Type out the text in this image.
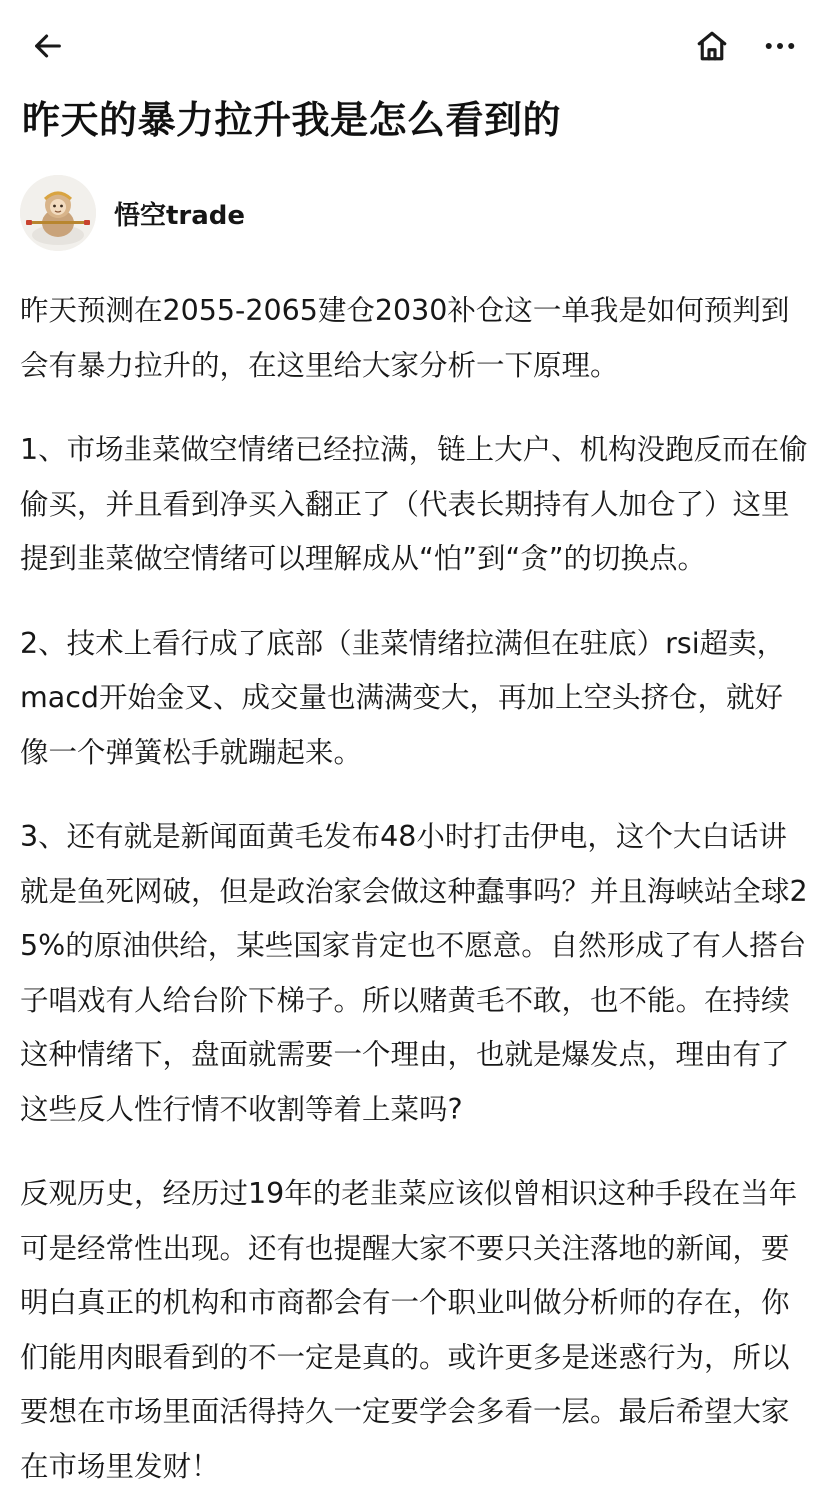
昨天的暴力拉升我是怎么看到的
悟空trade

昨天预测在2055-2065建仓2030补仓这一单我是如何预判到会有暴力拉升的，在这里给大家分析一下原理。

1、市场韭菜做空情绪已经拉满，链上大户、机构没跑反而在偷偷买，并且看到净买入翻正了（代表长期持有人加仓了）这里提到韭菜做空情绪可以理解成从“怕”到“贪”的切换点。

2、技术上看行成了底部（韭菜情绪拉满但在驻底）rsi超卖，macd开始金叉、成交量也满满变大，再加上空头挤仓，就好像一个弹簧松手就蹦起来。

3、还有就是新闻面黄毛发布48小时打击伊电，这个大白话讲就是鱼死网破，但是政治家会做这种蠢事吗？并且海峡站全球25%的原油供给，某些国家肯定也不愿意。自然形成了有人搭台子唱戏有人给台阶下梯子。所以赌黄毛不敢，也不能。在持续这种情绪下，盘面就需要一个理由，也就是爆发点，理由有了这些反人性行情不收割等着上菜吗?

反观历史，经历过19年的老韭菜应该似曾相识这种手段在当年可是经常性出现。还有也提醒大家不要只关注落地的新闻，要明白真正的机构和市商都会有一个职业叫做分析师的存在，你们能用肉眼看到的不一定是真的。或许更多是迷惑行为，所以要想在市场里面活得持久一定要学会多看一层。最后希望大家在市场里发财！
